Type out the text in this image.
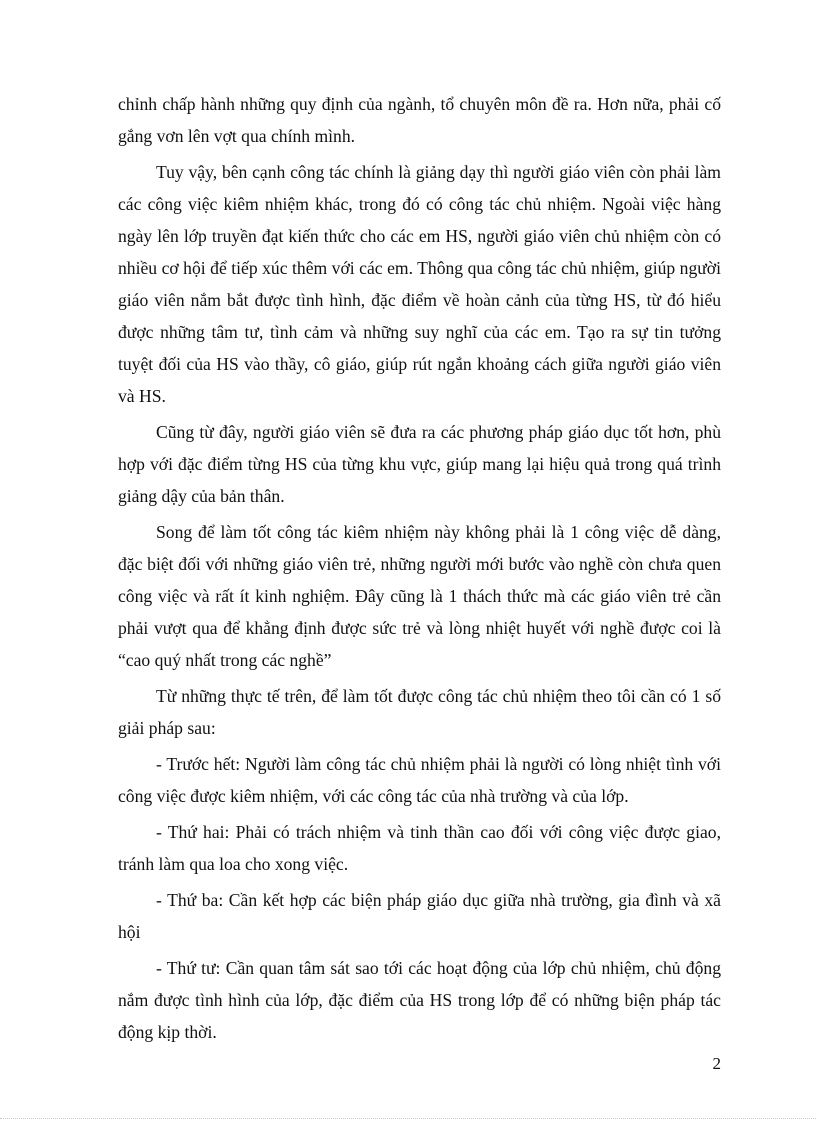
chỉnh chấp hành những quy định của ngành, tổ chuyên môn đề ra. Hơn nữa, phải cố gắng vơn lên vợt qua chính mình.

Tuy vậy, bên cạnh công tác chính là giảng dạy thì người giáo viên còn phải làm các công việc kiêm nhiệm khác, trong đó có công tác chủ nhiệm. Ngoài việc hàng ngày lên lớp truyền đạt kiến thức cho các em HS, người giáo viên chủ nhiệm còn có nhiều cơ hội để tiếp xúc thêm với các em. Thông qua công tác chủ nhiệm, giúp người giáo viên nắm bắt được tình hình, đặc điểm về hoàn cảnh của từng HS, từ đó hiểu được những tâm tư, tình cảm và những suy nghĩ của các em. Tạo ra sự tin tưởng tuyệt đối của HS vào thầy, cô giáo, giúp rút ngắn khoảng cách giữa người giáo viên và HS.

Cũng từ đây, người giáo viên sẽ đưa ra các phương pháp giáo dục tốt hơn, phù hợp với đặc điểm từng HS của từng khu vực, giúp mang lại hiệu quả trong quá trình giảng dậy của bản thân.

Song để làm tốt công tác kiêm nhiệm này không phải là 1 công việc dễ dàng, đặc biệt đối với những giáo viên trẻ, những người mới bước vào nghề còn chưa quen công việc và rất ít kinh nghiệm. Đây cũng là 1 thách thức mà các giáo viên trẻ cần phải vượt qua để khẳng định được sức trẻ và lòng nhiệt huyết với nghề được coi là “cao quý nhất trong các nghề”

Từ những thực tế trên, để làm tốt được công tác chủ nhiệm theo tôi cần có 1 số giải pháp sau:

- Trước hết: Người làm công tác chủ nhiệm phải là người có lòng nhiệt tình với công việc được kiêm nhiệm, với các công tác của nhà trường và của lớp.

- Thứ hai: Phải có trách nhiệm và tinh thần cao đối với công việc được giao, tránh làm qua loa cho xong việc.

- Thứ ba: Cần kết hợp các biện pháp giáo dục giữa nhà trường, gia đình và xã hội

- Thứ tư: Cần quan tâm sát sao tới các hoạt động của lớp chủ nhiệm, chủ động nắm được tình hình của lớp, đặc điểm của HS trong lớp để có những biện pháp tác động kịp thời.

2
